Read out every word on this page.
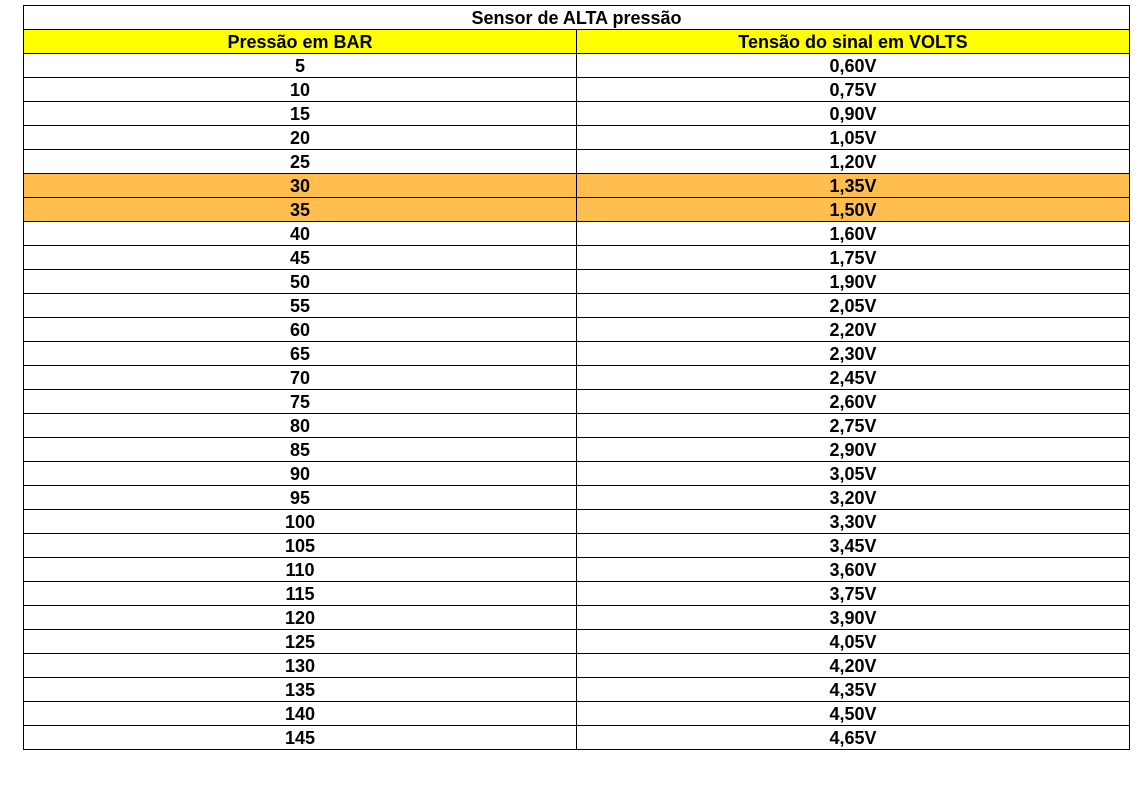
Sensor de ALTA pressão	
Pressão em BAR	Tensão do sinal em VOLTS
5	0,60V
10	0,75V
15	0,90V
20	1,05V
25	1,20V
30	1,35V
35	1,50V
40	1,60V
45	1,75V
50	1,90V
55	2,05V
60	2,20V
65	2,30V
70	2,45V
75	2,60V
80	2,75V
85	2,90V
90	3,05V
95	3,20V
100	3,30V
105	3,45V
110	3,60V
115	3,75V
120	3,90V
125	4,05V
130	4,20V
135	4,35V
140	4,50V
145	4,65V
